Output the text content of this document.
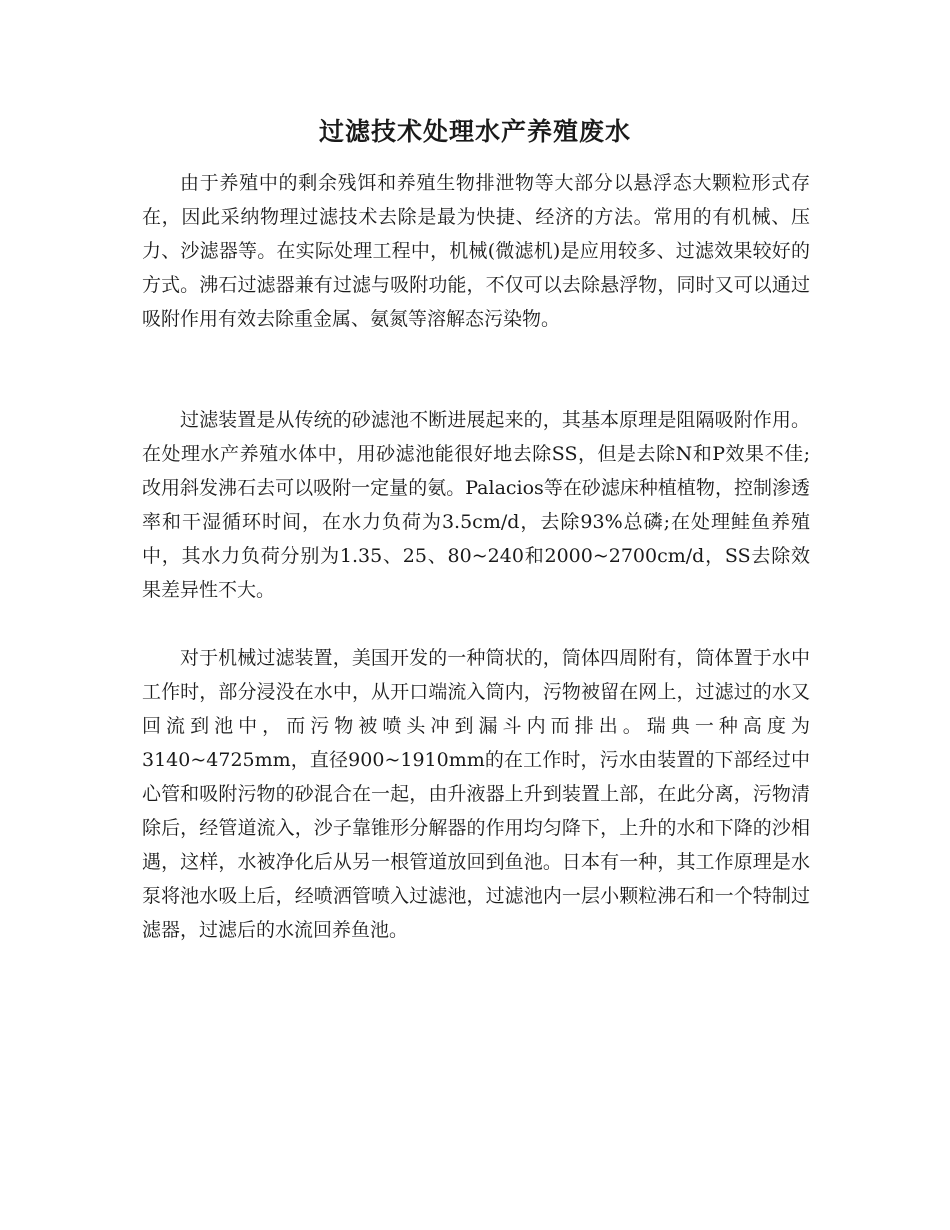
过滤技术处理水产养殖废水

由于养殖中的剩余残饵和养殖生物排泄物等大部分以悬浮态大颗粒形式存在，因此采纳物理过滤技术去除是最为快捷、经济的方法。常用的有机械、压力、沙滤器等。在实际处理工程中，机械(微滤机)是应用较多、过滤效果较好的方式。沸石过滤器兼有过滤与吸附功能，不仅可以去除悬浮物，同时又可以通过吸附作用有效去除重金属、氨氮等溶解态污染物。

过滤装置是从传统的砂滤池不断进展起来的，其基本原理是阻隔吸附作用。在处理水产养殖水体中，用砂滤池能很好地去除SS，但是去除N和P效果不佳;改用斜发沸石去可以吸附一定量的氨。Palacios等在砂滤床种植植物，控制渗透率和干湿循环时间，在水力负荷为3.5cm/d，去除93%总磷;在处理鲑鱼养殖中，其水力负荷分别为1.35、25、80~240和2000~2700cm/d，SS去除效果差异性不大。

对于机械过滤装置，美国开发的一种筒状的，筒体四周附有，筒体置于水中工作时，部分浸没在水中，从开口端流入筒内，污物被留在网上，过滤过的水又回流到池中，而污物被喷头冲到漏斗内而排出。瑞典一种高度为3140~4725mm，直径900~1910mm的在工作时，污水由装置的下部经过中心管和吸附污物的砂混合在一起，由升液器上升到装置上部，在此分离，污物清除后，经管道流入，沙子靠锥形分解器的作用均匀降下，上升的水和下降的沙相遇，这样，水被净化后从另一根管道放回到鱼池。日本有一种，其工作原理是水泵将池水吸上后，经喷洒管喷入过滤池，过滤池内一层小颗粒沸石和一个特制过滤器，过滤后的水流回养鱼池。
